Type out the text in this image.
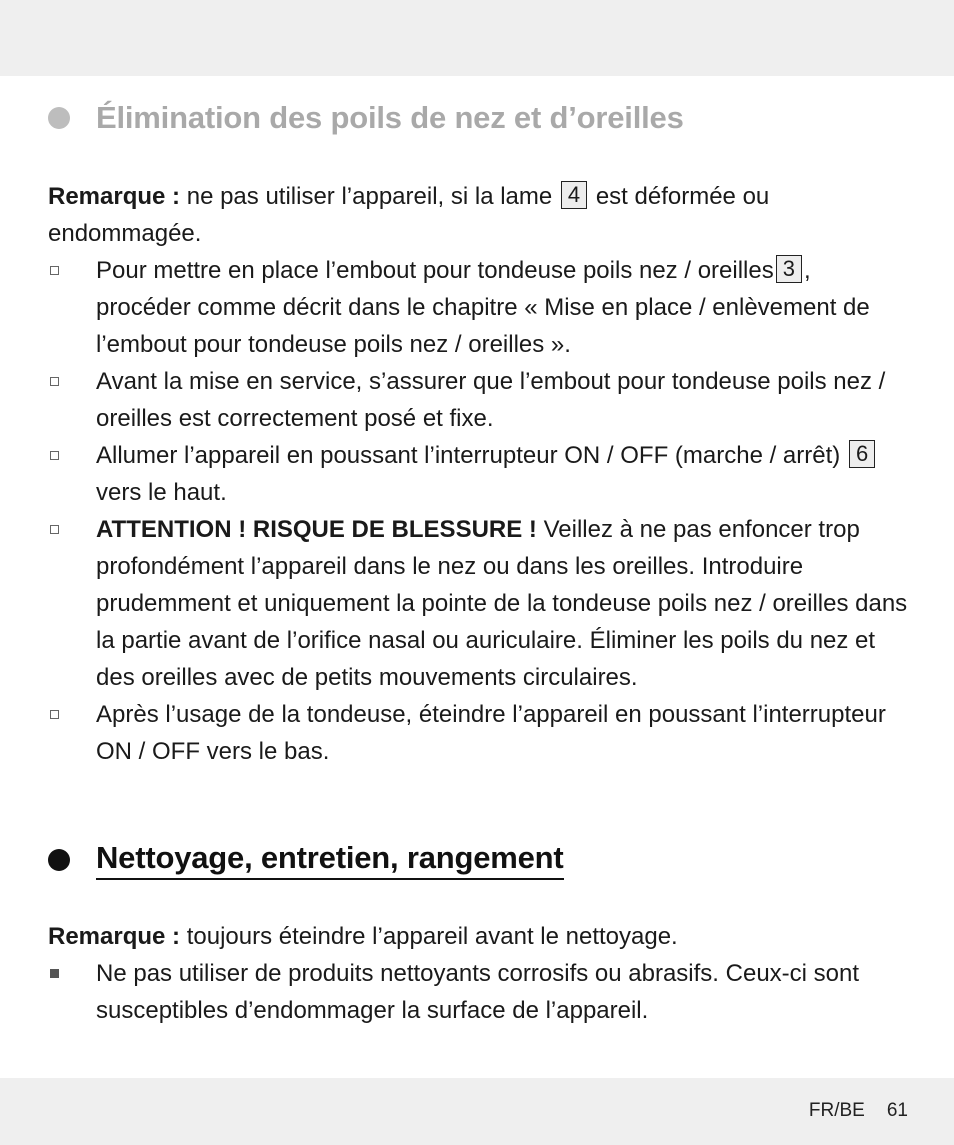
Élimination des poils de nez et d’oreilles
Remarque : ne pas utiliser l’appareil, si la lame 4 est déformée ou endommagée.
Pour mettre en place l’embout pour tondeuse poils nez / oreilles 3 , procéder comme décrit dans le chapitre « Mise en place / enlèvement de l’embout pour tondeuse poils nez / oreilles ».
Avant la mise en service, s’assurer que l’embout pour tondeuse poils nez / oreilles est correctement posé et fixe.
Allumer l’appareil en poussant l’interrupteur ON / OFF (marche / arrêt) 6 vers le haut.
ATTENTION ! RISQUE DE BLESSURE ! Veillez à ne pas enfoncer trop profondément l’appareil dans le nez ou dans les oreilles. Introduire prudemment et uniquement la pointe de la tondeuse poils nez / oreilles dans la partie avant de l’orifice nasal ou auriculaire. Éliminer les poils du nez et des oreilles avec de petits mouvements circulaires.
Après l’usage de la tondeuse, éteindre l’appareil en poussant l’interrupteur ON / OFF vers le bas.
Nettoyage, entretien, rangement
Remarque : toujours éteindre l’appareil avant le nettoyage.
Ne pas utiliser de produits nettoyants corrosifs ou abrasifs. Ceux-ci sont susceptibles d’endommager la surface de l’appareil.
FR/BE 61
